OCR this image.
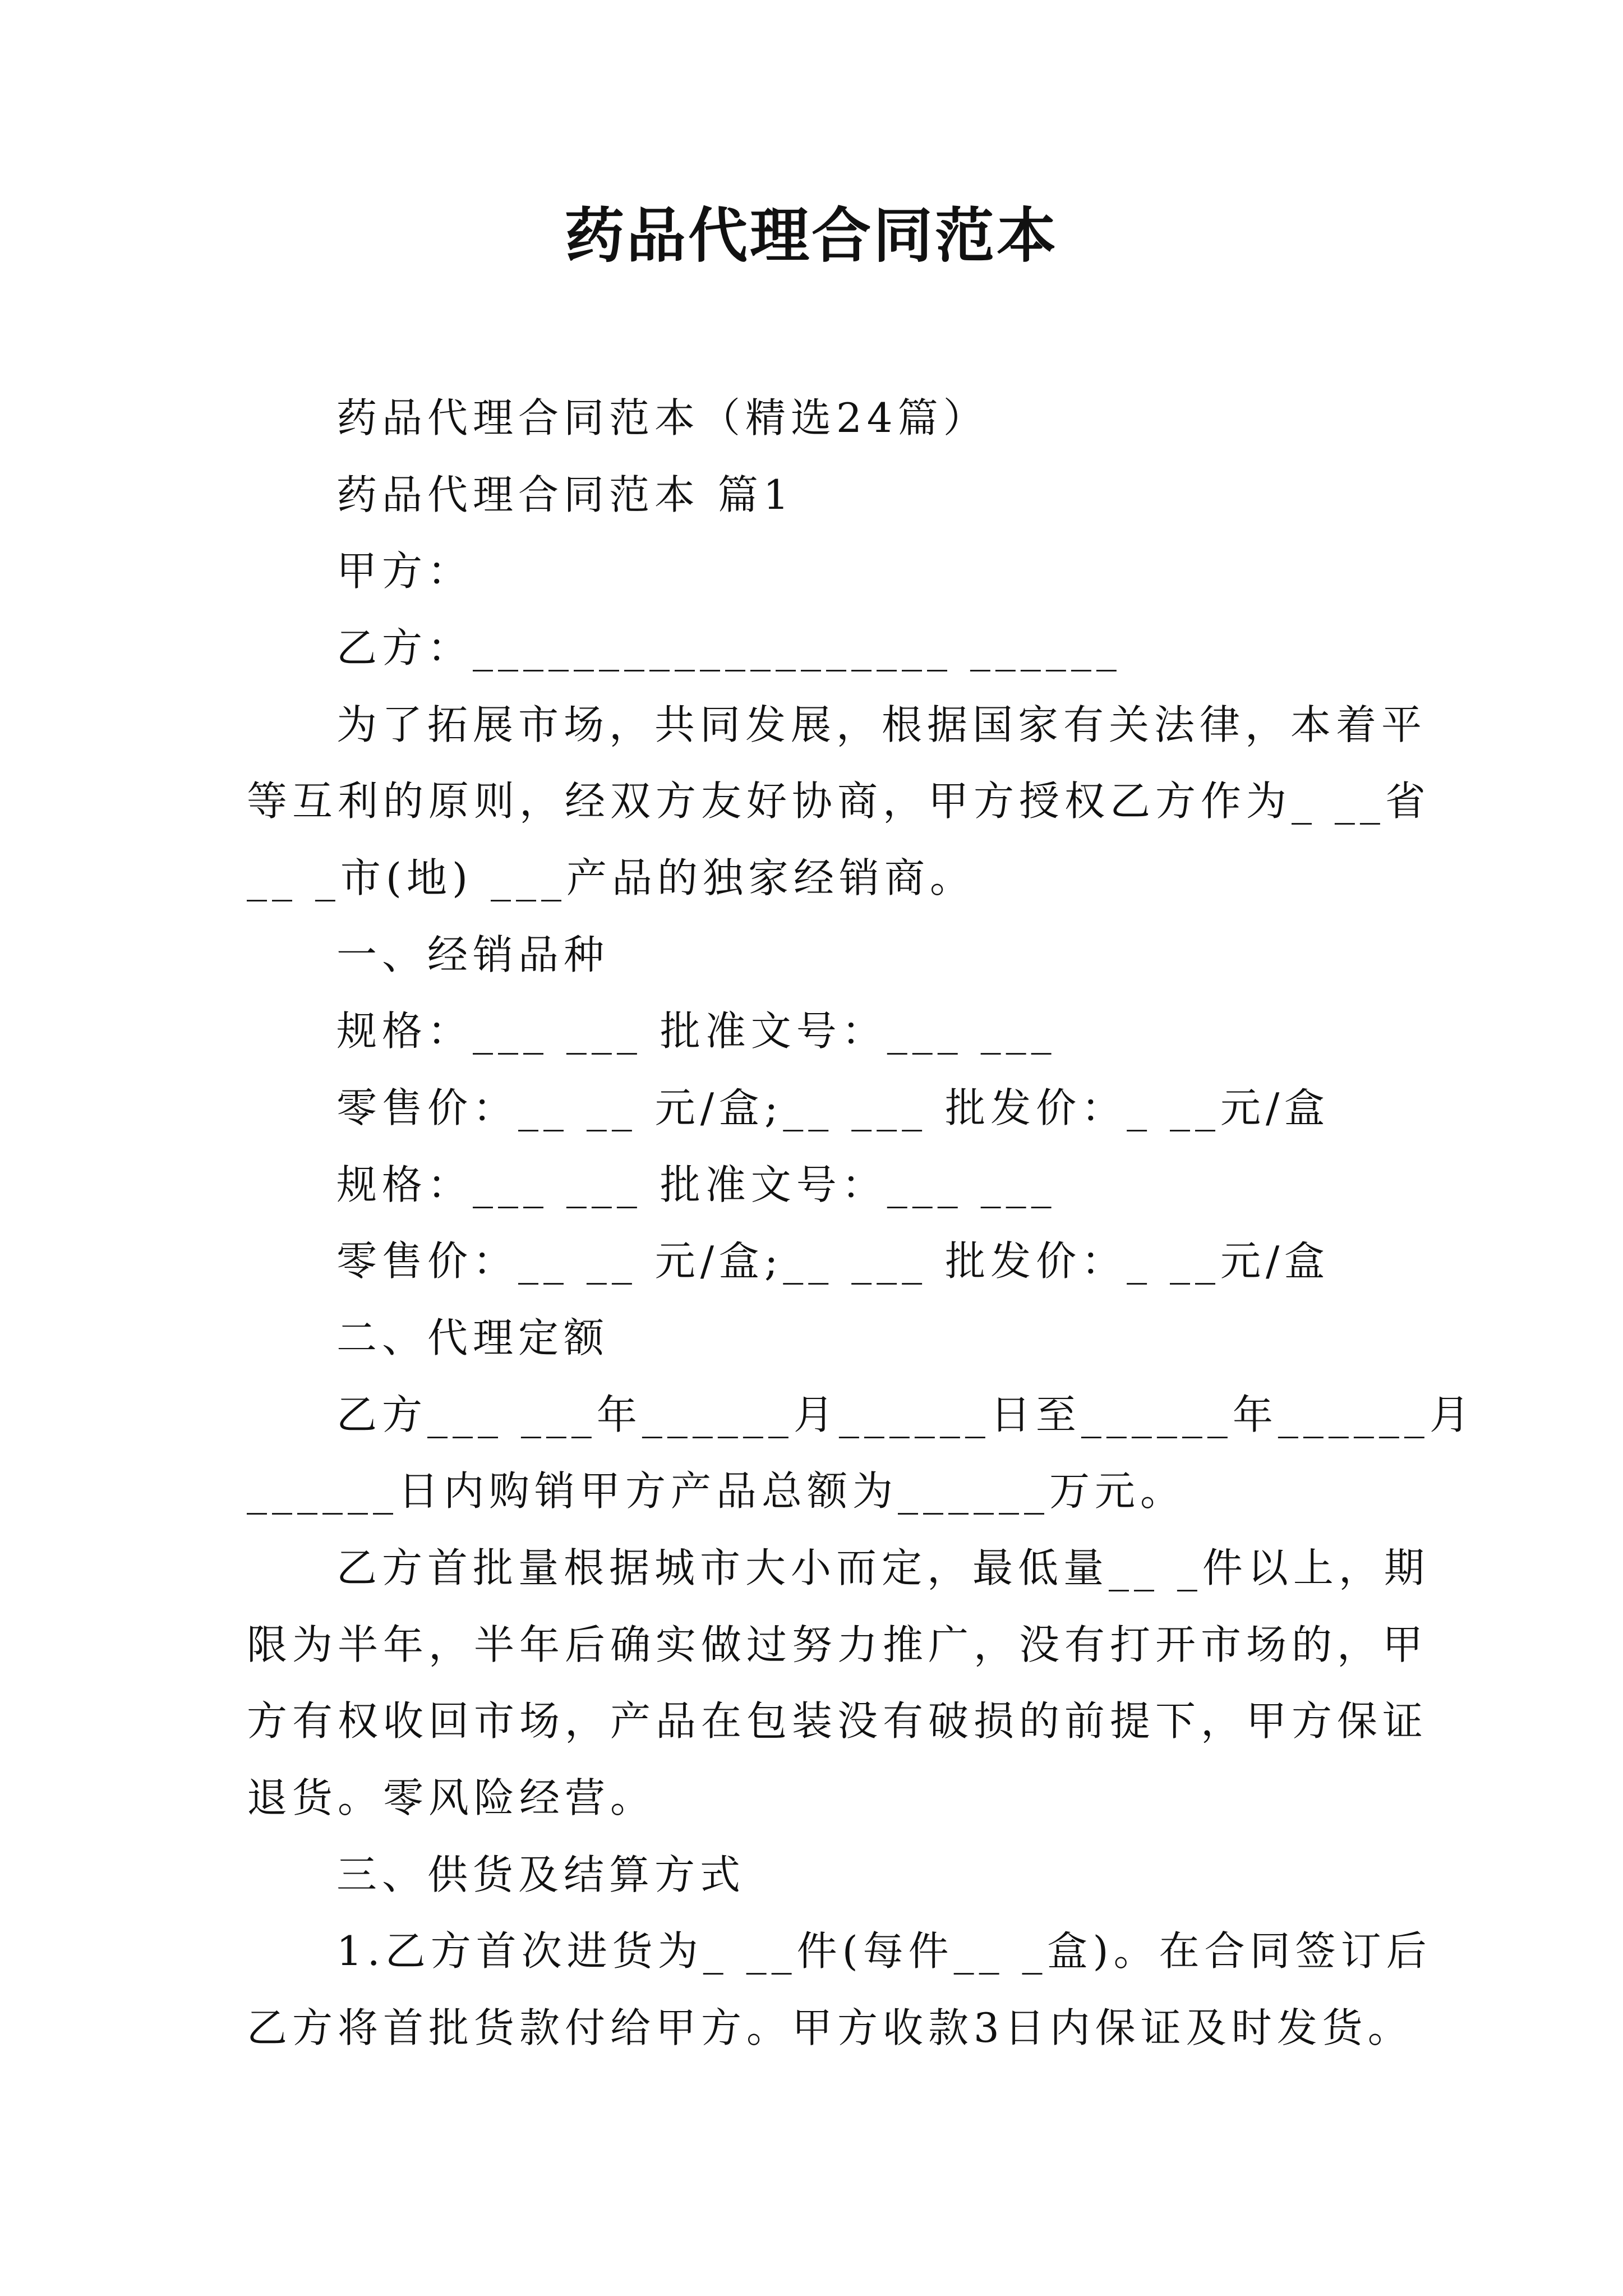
药品代理合同范本
药品代理合同范本（精选24篇）
药品代理合同范本 篇1
甲方：
乙方：___________________ ______
为了拓展市场，共同发展，根据国家有关法律，本着平
等互利的原则，经双方友好协商，甲方授权乙方作为_ __省
__ _市(地) ___产品的独家经销商。
一、经销品种
规格：___ ___ 批准文号：___ ___
零售价：__ __ 元/盒;__ ___ 批发价：_ __元/盒
规格：___ ___ 批准文号：___ ___
零售价：__ __ 元/盒;__ ___ 批发价：_ __元/盒
二、代理定额
乙方___ ___年______月______日至______年______月
______日内购销甲方产品总额为______万元。
乙方首批量根据城市大小而定，最低量__ _件以上，期
限为半年，半年后确实做过努力推广，没有打开市场的，甲
方有权收回市场，产品在包装没有破损的前提下，甲方保证
退货。零风险经营。
三、供货及结算方式
1.乙方首次进货为_ __件(每件__ _盒)。在合同签订后
乙方将首批货款付给甲方。甲方收款3日内保证及时发货。
